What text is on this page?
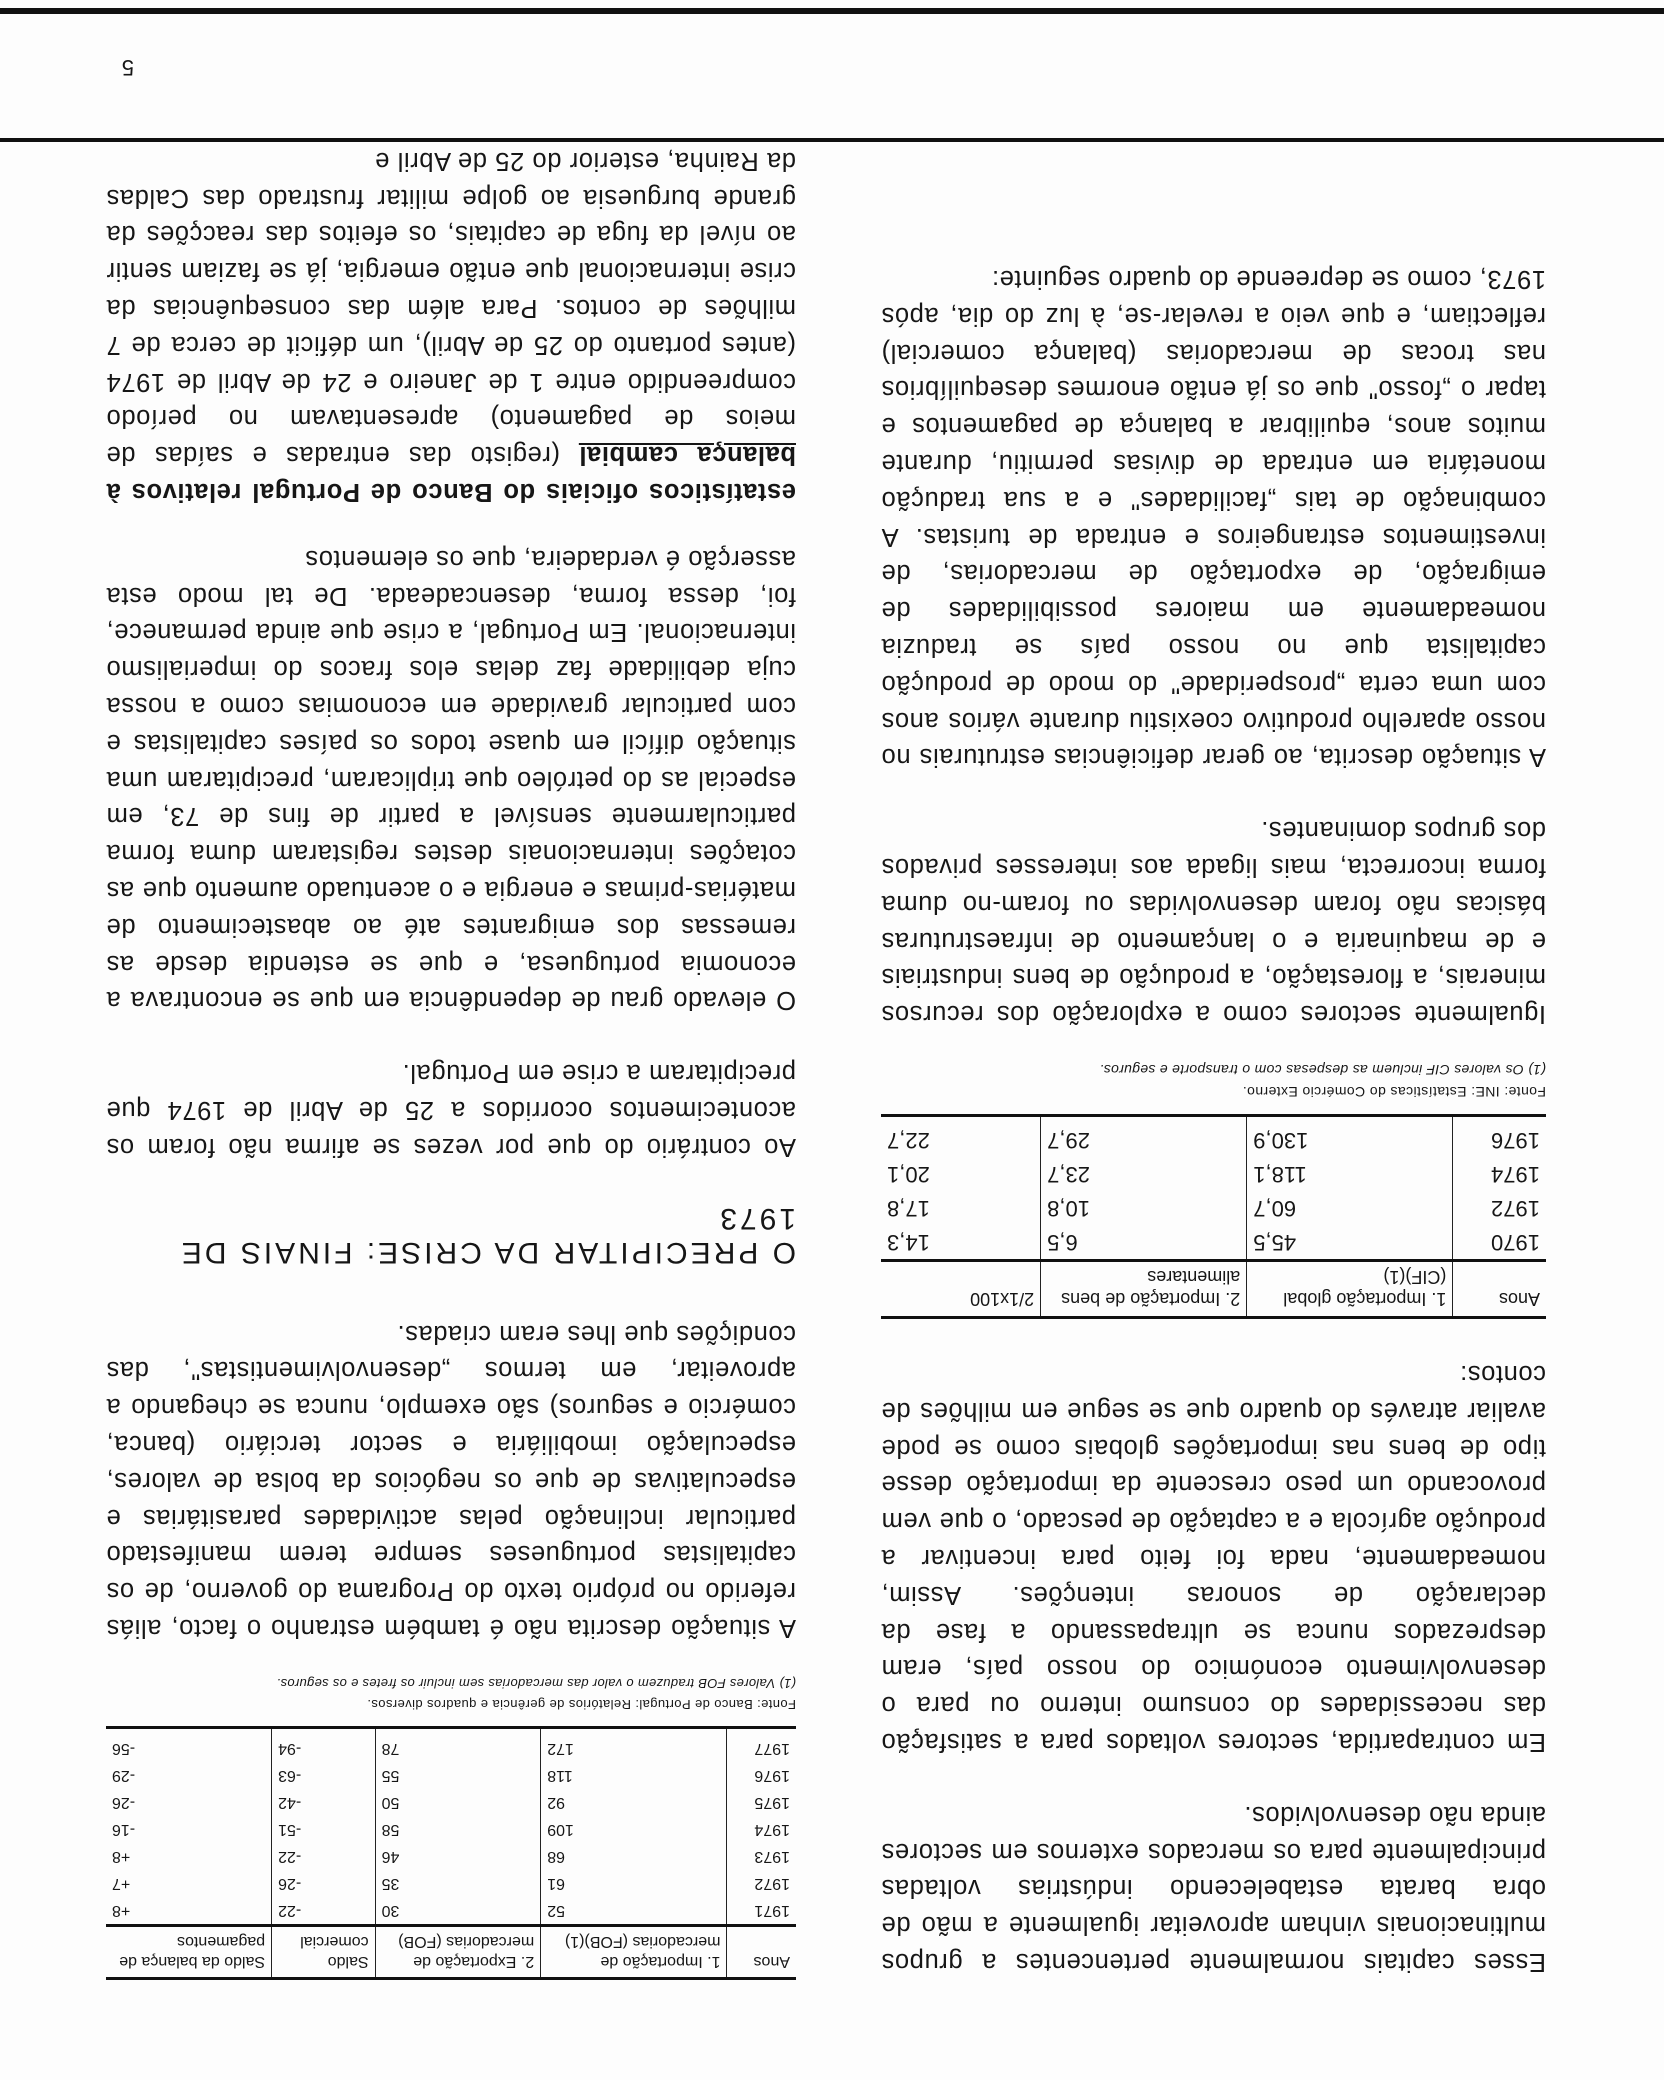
Esses capitais normalmente pertencentes a grupos multinacionais vinham aproveitar igualmente a mão de obra barata estabelecendo indústrias voltadas principalmente para os mercados externos em sectores ainda não desenvolvidos.

Em contrapartida, sectores voltados para a satisfação das necessidades do consumo interno ou para o desenvolvimento económico do nosso país, eram desprezados nunca se ultrapassando a fase da declaração de sonoras intenções. Assim, nomeadamente, nada foi feito para incentivar a produção agrícola e a captação de pescado, o que vem provocando um peso crescente da importação desse tipo de bens nas importações globais como se pode avaliar através do quadro que se segue em milhões de contos:

Anos	1. Importação global (CIF)(1)	2. Importação de bens alimentares	2/1x100
1970	45,5	6,5	14,3
1972	60,7	10,8	17,8
1974	118,1	23,7	20,1
1976	130,9	29,7	22,7
Fonte: INE: Estatísticas do Comércio Externo.
(1) Os valores CIF incluem as despesas com o transporte e seguros.

Igualmente sectores como a exploração dos recursos minerais, a florestação, a produção de bens industriais e de maquinaria e o lançamento de infraestruturas básicas não foram desenvolvidas ou foram-no duma forma incorrecta, mais ligada aos interesses privados dos grupos dominantes.

A situação descrita, ao gerar deficiências estruturais no nosso aparelho produtivo coexistiu durante vários anos com uma certa „prosperidade" do modo de produção capitalista que no nosso país se traduzia nomeadamente em maiores possibilidades de emigração, de exportação de mercadorias, de investimentos estrangeiros e entrada de turistas. A combinação de tais „facilidades" e a sua tradução monetária em entrada de divisas permitiu, durante muitos anos, equilibrar a balança de pagamentos e tapar o „fosso" que os já então enormes desequilíbrios nas trocas de mercadorias (balança comercial) reflectiam, e que veio a revelar-se, à luz do dia, após 1973, como se depreende do quadro seguinte:

Anos	1. Importação de mercadorias (FOB)(1)	2. Exportação de mercadorias (FOB)	Saldo comercial	Saldo da balança de pagamentos
1971	52	30	-22	+8
1972	61	35	-26	+7
1973	68	46	-22	+8
1974	109	58	-51	-16
1975	92	50	-42	-26
1976	118	55	-63	-29
1977	172	78	-94	-56
Fonte: Banco de Portugal: Relatórios de gerência e quadros diversos.
(1) Valores FOB traduzem o valor das mercadorias sem incluir os fretes e os seguros.

A situação descrita não é também estranho o facto, aliás referido no próprio texto do Programa do governo, de os capitalistas portugueses sempre terem manifestado particular inclinação pelas actividades parasitárias e especulativas de que os negócios da bolsa de valores, especulação imobiliária e sector terciário (banca, comércio e seguros) são exemplo, nunca se chegando a aproveitar, em termos „desenvolvimentistas", das condições que lhes eram criadas.

O PRECIPITAR DA CRISE: FINAIS DE 1973

Ao contrário do que por vezes se afirma não foram os acontecimentos ocorridos a 25 de Abril de 1974 que precipitaram a crise em Portugal.

O elevado grau de dependência em que se encontrava a economia portuguesa, e que se estendia desde as remessas dos emigrantes até ao abastecimento de matérias-primas e energia e o acentuado aumento que as cotações internacionais destes registaram duma forma particularmente sensível a partir de fins de 73, em especial as do petróleo que triplicaram, precipitaram uma situação difícil em quase todos os países capitalistas e com particular gravidade em economias como a nossa cuja debilidade faz delas elos fracos do imperialismo internacional. Em Portugal, a crise que ainda permanece, foi, dessa forma, desencadeada. De tal modo esta asserção é verdadeira, que os elementos

estatísticos oficiais do Banco de Portugal relativos à balança cambial (registo das entradas e saídas de meios de pagamento) apresentavam no período compreendido entre 1 de Janeiro e 24 de Abril de 1974 (antes portanto do 25 de Abril), um déficit de cerca de 7 milhões de contos. Para além das consequências da crise internacional que então emergia, já se faziam sentir ao nível da fuga de capitais, os efeitos das reacções da grande burguesia ao golpe militar frustrado das Caldas da Rainha, esterior do 25 de Abril e

5
